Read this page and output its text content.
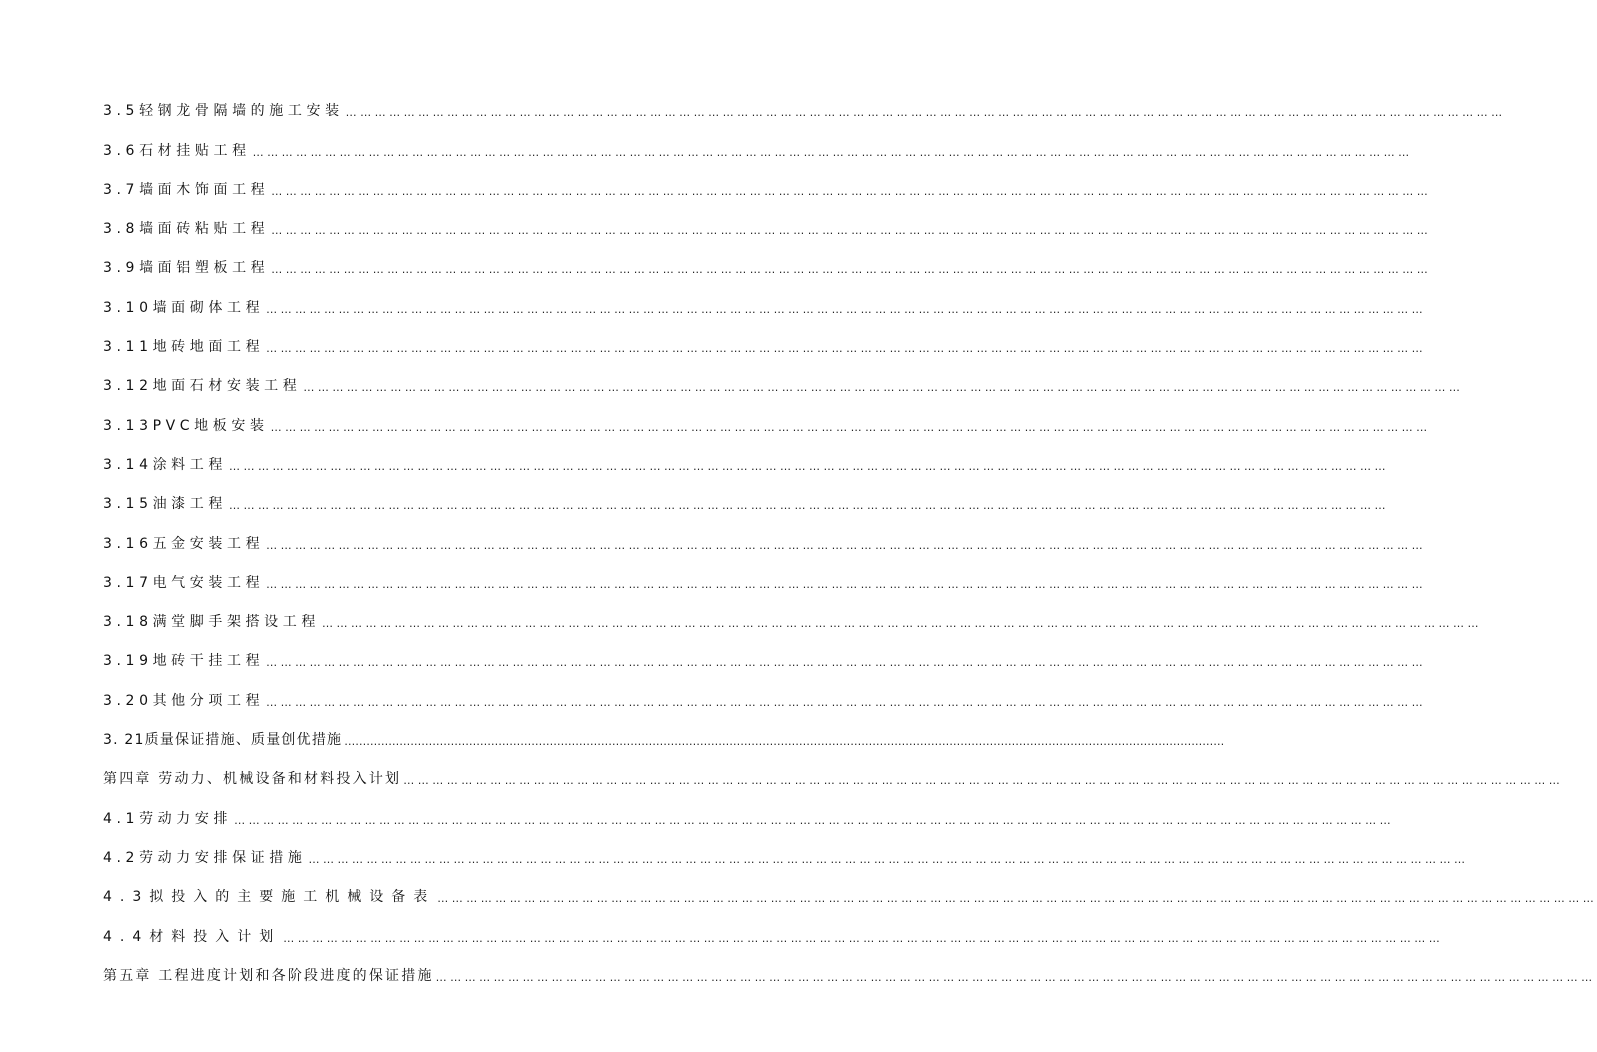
3.5轻钢龙骨隔墙的施工安装 ……………………………………………………………………………………………………………………………………………………………………………………………………………………
3.6石材挂贴工程 ……………………………………………………………………………………………………………………………………………………………………………………………………………………
3.7墙面木饰面工程 ……………………………………………………………………………………………………………………………………………………………………………………………………………………
3.8墙面砖粘贴工程 ……………………………………………………………………………………………………………………………………………………………………………………………………………………
3.9墙面铝塑板工程 ……………………………………………………………………………………………………………………………………………………………………………………………………………………
3.10墙面砌体工程 ……………………………………………………………………………………………………………………………………………………………………………………………………………………
3.11地砖地面工程 ……………………………………………………………………………………………………………………………………………………………………………………………………………………
3.12地面石材安装工程 ……………………………………………………………………………………………………………………………………………………………………………………………………………………
3.13PVC地板安装 ……………………………………………………………………………………………………………………………………………………………………………………………………………………
3.14涂料工程 ……………………………………………………………………………………………………………………………………………………………………………………………………………………
3.15油漆工程 ……………………………………………………………………………………………………………………………………………………………………………………………………………………
3.16五金安装工程 ……………………………………………………………………………………………………………………………………………………………………………………………………………………
3.17电气安装工程 ……………………………………………………………………………………………………………………………………………………………………………………………………………………
3.18满堂脚手架搭设工程 ……………………………………………………………………………………………………………………………………………………………………………………………………………………
3.19地砖干挂工程 ……………………………………………………………………………………………………………………………………………………………………………………………………………………
3.20其他分项工程 ……………………………………………………………………………………………………………………………………………………………………………………………………………………
3. 21质量保证措施、质量创优措施 ……………………………………………………………………………………………………………………………………………………………………………………………………………………
第四章 劳动力、机械设备和材料投入计划 ……………………………………………………………………………………………………………………………………………………………………………………………………………………
4.1劳动力安排 ……………………………………………………………………………………………………………………………………………………………………………………………………………………
4.2劳动力安排保证措施 ……………………………………………………………………………………………………………………………………………………………………………………………………………………
4.3拟投入的主要施工机械设备表 ……………………………………………………………………………………………………………………………………………………………………………………………………………………
4.4材料投入计划 ……………………………………………………………………………………………………………………………………………………………………………………………………………………
第五章 工程进度计划和各阶段进度的保证措施 ……………………………………………………………………………………………………………………………………………………………………………………………………………………
